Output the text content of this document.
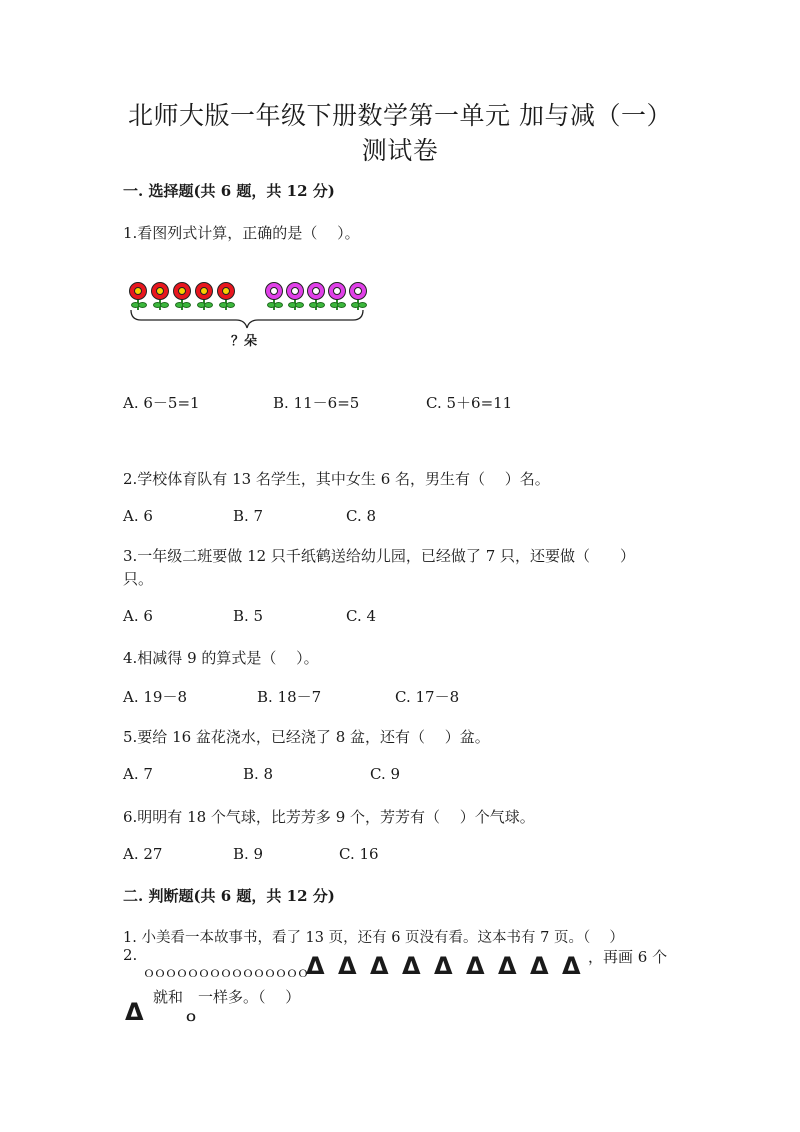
北师大版一年级下册数学第一单元 加与减（一）
测试卷
一. 选择题(共 6 题，共 12 分)
1.看图列式计算，正确的是（　 ）。
？朵
A. 6－5=1	B. 11－6=5	C. 5＋6=11
2.学校体育队有 13 名学生，其中女生 6 名，男生有（　 ）名。
A. 6	B. 7	C. 8
3.一年级二班要做 12 只千纸鹤送给幼儿园，已经做了 7 只，还要做（　　）
只。
A. 6	B. 5	C. 4
4.相减得 9 的算式是（　 ）。
A. 19－8	B. 18－7	C. 17－8
5.要给 16 盆花浇水，已经浇了 8 盆，还有（　 ）盆。
A. 7	B. 8	C. 9
6.明明有 18 个气球，比芳芳多 9 个，芳芳有（　 ）个气球。
A. 27	B. 9	C. 16
二. 判断题(共 6 题，共 12 分)
1. 小美看一本故事书，看了 13 页，还有 6 页没有看。这本书有 7 页。（　 ）
2.
ｏｏｏｏｏｏｏｏｏｏｏｏｏｏｏ Δ Δ Δ Δ Δ Δ Δ Δ Δ ，再画 6 个
就和　一样多。（　 ）
Δ	ｏ
